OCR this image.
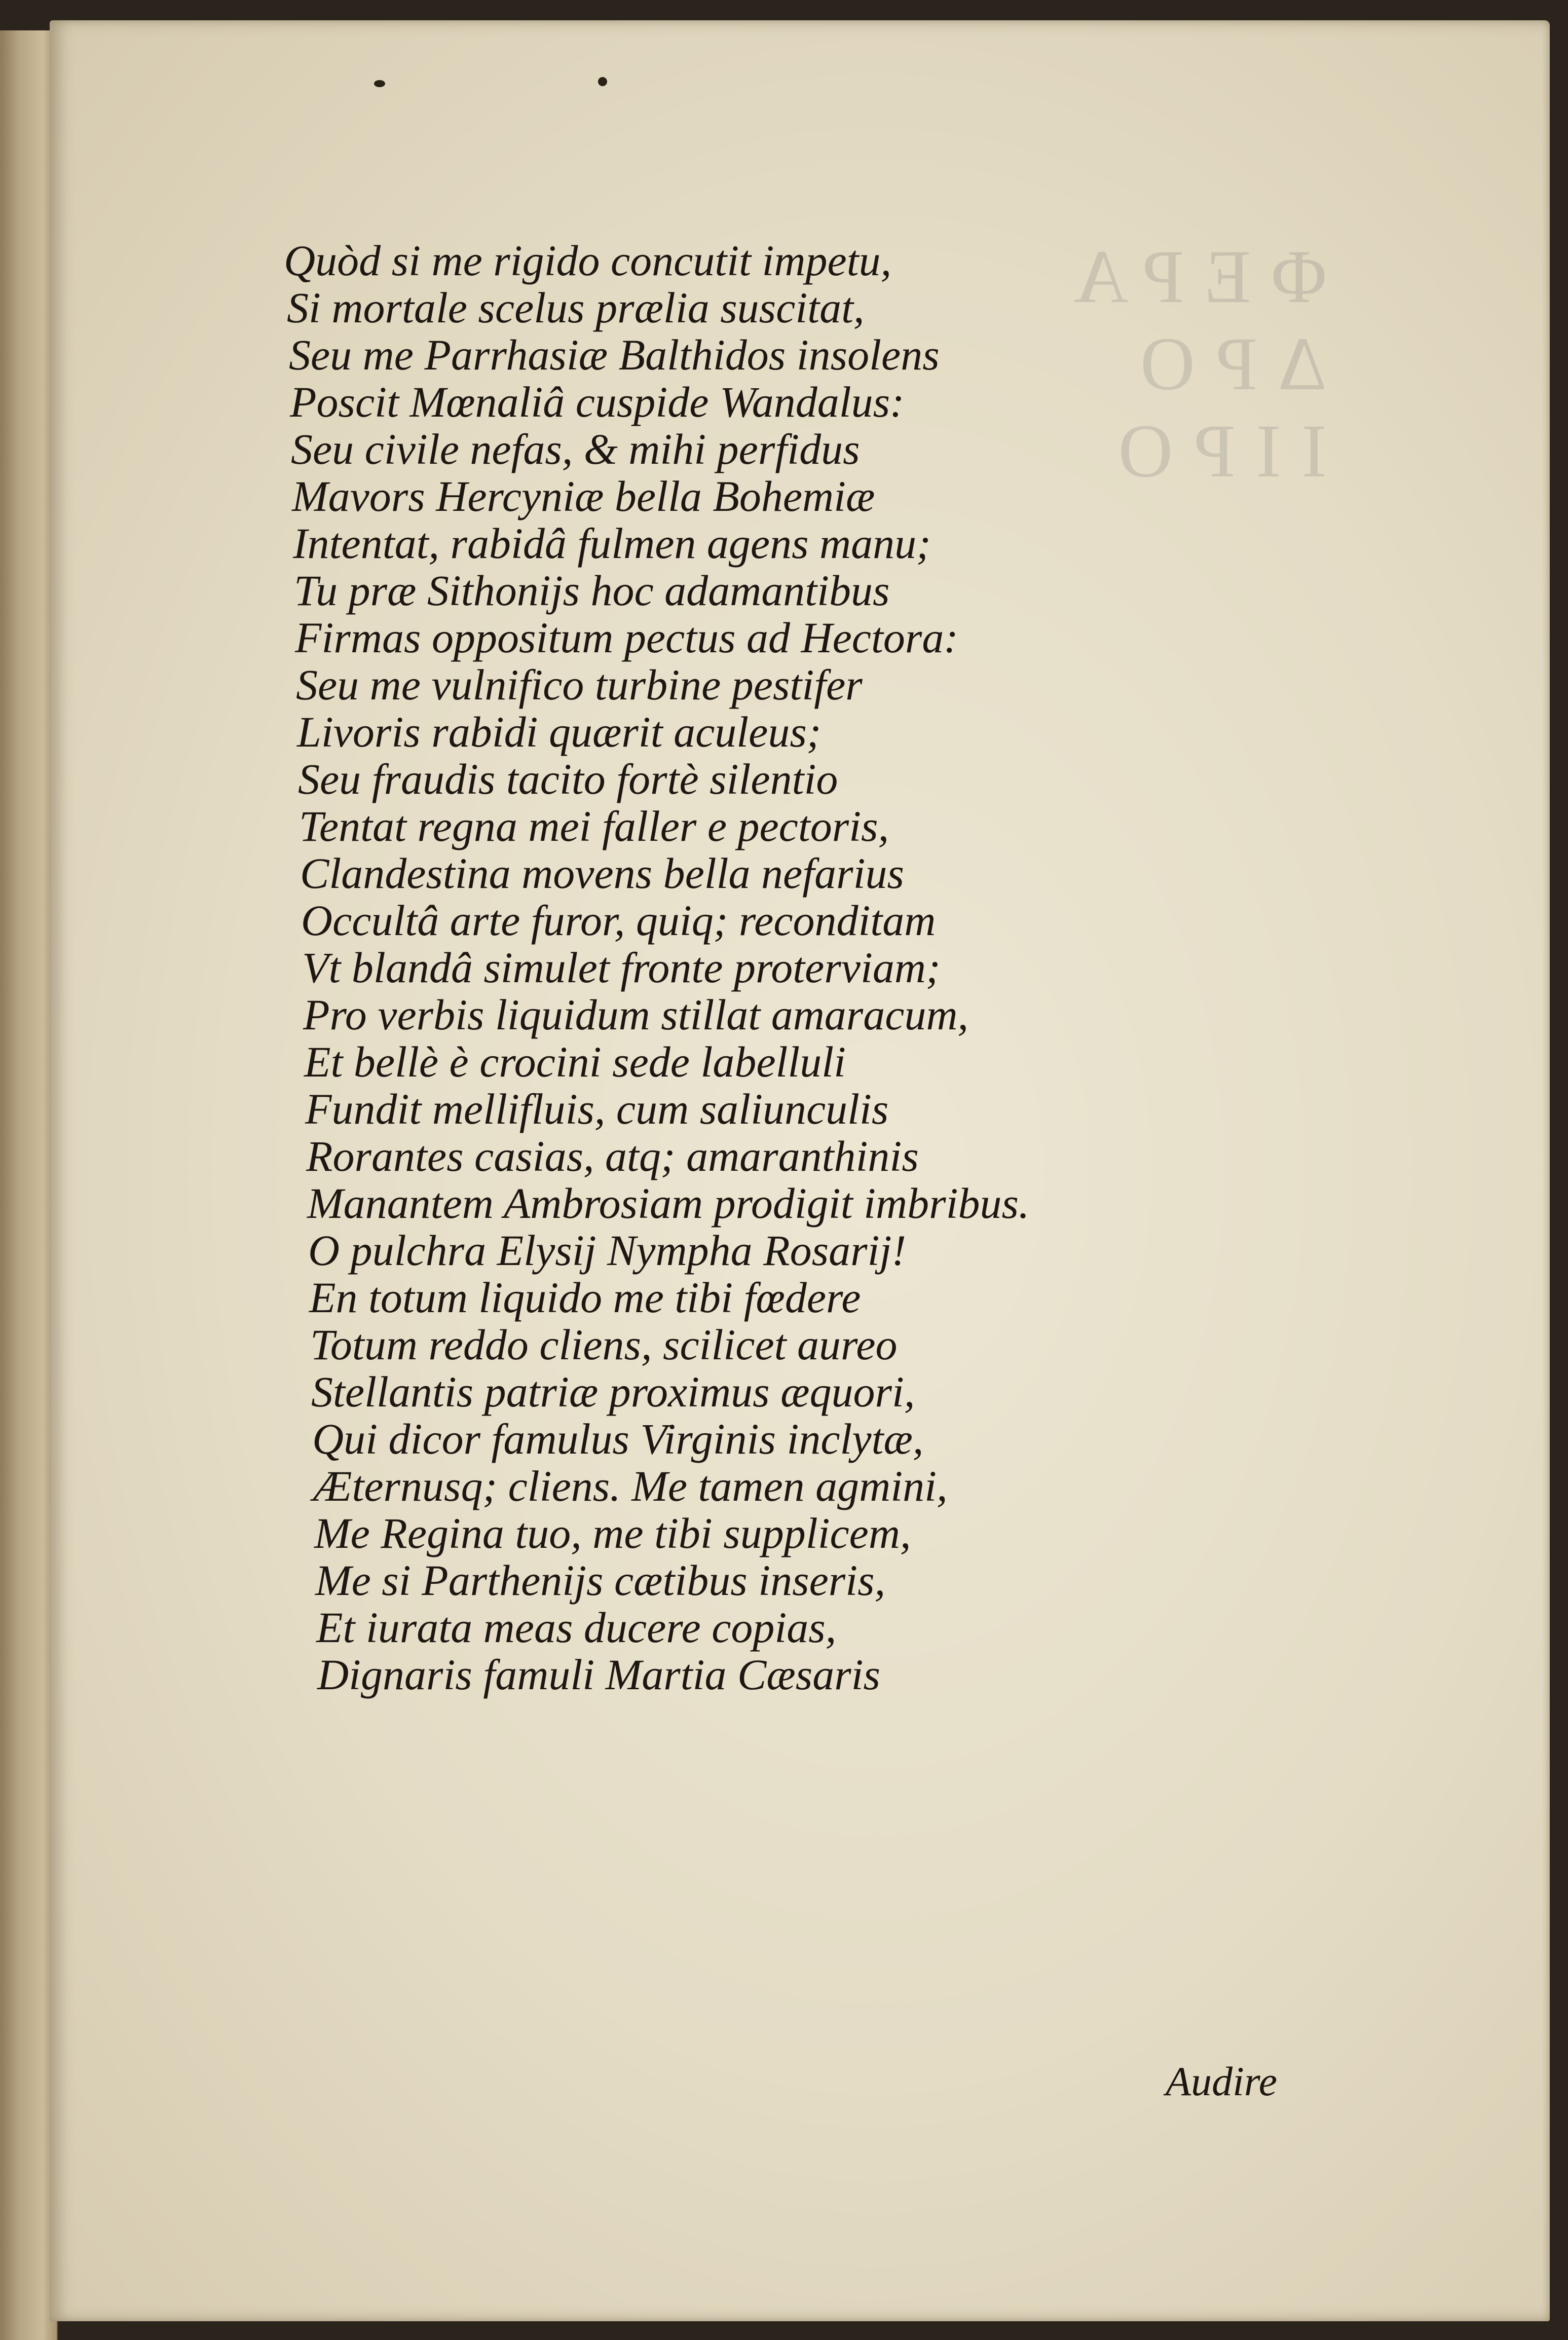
ΦEPA
ΔPO
IIPO
Quòd si me rigido concutit impetu,
Si mortale scelus prælia suscitat,
Seu me Parrhasiæ Balthidos insolens
Poscit Mœnaliâ cuspide Wandalus:
Seu civile nefas, & mihi perfidus
Mavors Hercyniæ bella Bohemiæ
Intentat, rabidâ fulmen agens manu;
Tu præ Sithonijs hoc adamantibus
Firmas oppositum pectus ad Hectora:
Seu me vulnifico turbine pestifer
Livoris rabidi quærit aculeus;
Seu fraudis tacito fortè silentio
Tentat regna mei faller e pectoris,
Clandestina movens bella nefarius
Occultâ arte furor, quiq; reconditam
Vt blandâ simulet fronte proterviam;
Pro verbis liquidum stillat amaracum,
Et bellè è crocini sede labelluli
Fundit mellifluis, cum saliunculis
Rorantes casias, atq; amaranthinis
Manantem Ambrosiam prodigit imbribus.
O pulchra Elysij Nympha Rosarij!
En totum liquido me tibi fœdere
Totum reddo cliens, scilicet aureo
Stellantis patriæ proximus æquori,
Qui dicor famulus Virginis inclytæ,
Æternusq; cliens. Me tamen agmini,
Me Regina tuo, me tibi supplicem,
Me si Parthenijs cætibus inseris,
Et iurata meas ducere copias,
Dignaris famuli Martia Cæsaris
Audire
